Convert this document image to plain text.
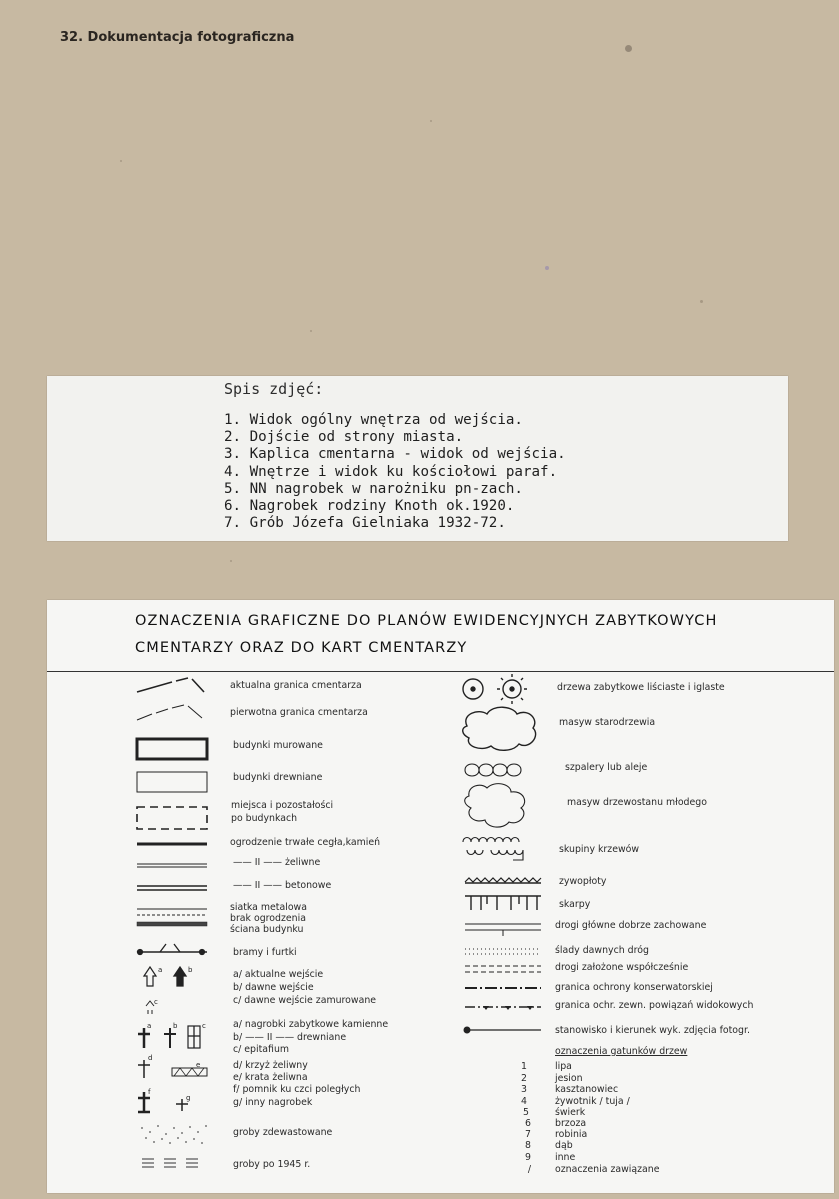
32. Dokumentacja fotograficzna
Spis zdjęć:
1. Widok ogólny wnętrza od wejścia.
2. Dojście od strony miasta.
3. Kaplica cmentarna - widok od wejścia.
4. Wnętrze i widok ku kościołowi paraf.
5. NN nagrobek w narożniku pn-zach.
6. Nagrobek rodziny Knoth ok.1920.
7. Grób Józefa Gielniaka 1932-72.
OZNACZENIA GRAFICZNE DO PLANÓW EWIDENCYJNYCH ZABYTKOWYCH
CMENTARZY ORAZ DO KART CMENTARZY
a	b
c
a	b	c
d
e
f
g
aktualna granica cmentarza
pierwotna granica cmentarza
budynki murowane
budynki drewniane
miejsca i pozostałości
po budynkach
ogrodzenie trwałe cegła,kamień
—— II —— żeliwne
—— II —— betonowe
siatka metalowa
brak ogrodzenia
ściana budynku
bramy i furtki
a/ aktualne wejście
b/ dawne wejście
c/ dawne wejście zamurowane
a/ nagrobki zabytkowe kamienne
b/ —— II —— drewniane
c/ epitafium
d/ krzyż żeliwny
e/ krata żeliwna
f/ pomnik ku czci poległych
g/ inny nagrobek
groby zdewastowane
groby po 1945 r.
drzewa zabytkowe liściaste i iglaste
masyw starodrzewia
szpalery lub aleje
masyw drzewostanu młodego
skupiny krzewów
zywopłoty
skarpy
drogi główne dobrze zachowane
ślady dawnych dróg
drogi założone współcześnie
granica ochrony konserwatorskiej
granica ochr. zewn. powiązań widokowych
stanowisko i kierunek wyk. zdjęcia fotogr.
oznaczenia gatunków drzew
1	lipa
2	jesion
3	kasztanowiec
4	żywotnik / tuja /
5	świerk
6	brzoza
7	robinia
8	dąb
9	inne
/	oznaczenia zawiązane
